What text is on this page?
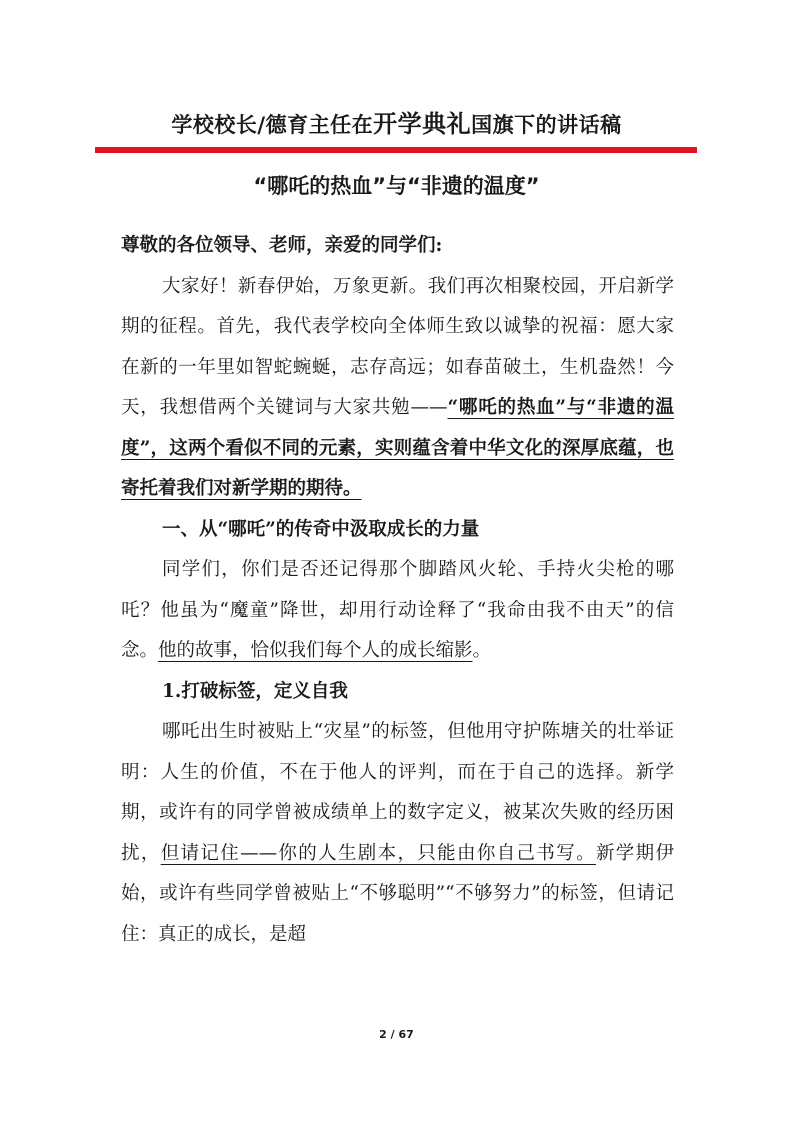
学校校长/德育主任在开学典礼国旗下的讲话稿
“哪吒的热血”与“非遗的温度”

尊敬的各位领导、老师，亲爱的同学们:

大家好！新春伊始，万象更新。我们再次相聚校园，开启新学期的征程。首先，我代表学校向全体师生致以诚挚的祝福：愿大家在新的一年里如智蛇蜿蜒，志存高远；如春苗破土，生机盎然！今天，我想借两个关键词与大家共勉——“哪吒的热血”与“非遗的温度”，这两个看似不同的元素，实则蕴含着中华文化的深厚底蕴，也寄托着我们对新学期的期待。

一、从“哪吒”的传奇中汲取成长的力量

同学们，你们是否还记得那个脚踏风火轮、手持火尖枪的哪吒？他虽为“魔童”降世，却用行动诠释了“我命由我不由天”的信念。他的故事，恰似我们每个人的成长缩影。

1.打破标签，定义自我

哪吒出生时被贴上“灾星”的标签，但他用守护陈塘关的壮举证明：人生的价值，不在于他人的评判，而在于自己的选择。新学期，或许有的同学曾被成绩单上的数字定义，被某次失败的经历困扰，但请记住——你的人生剧本，只能由你自己书写。新学期伊始，或许有些同学曾被贴上“不够聪明”“不够努力”的标签，但请记住：真正的成长，是超

2 / 67
